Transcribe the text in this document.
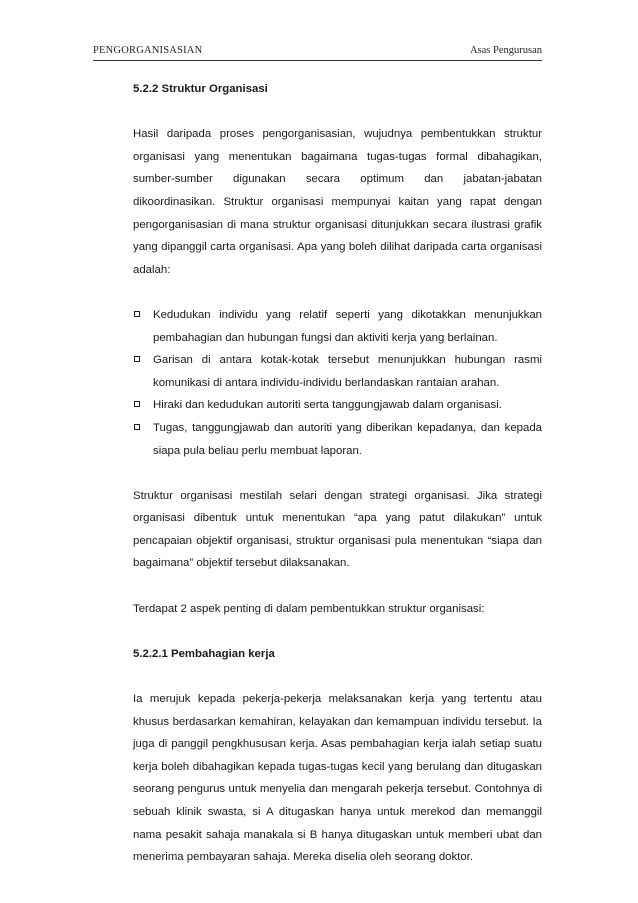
PENGORGANISASIAN	Asas Pengurusan

5.2.2 Struktur Organisasi

Hasil daripada proses pengorganisasian, wujudnya pembentukkan struktur organisasi yang menentukan bagaimana tugas-tugas formal dibahagikan, sumber-sumber digunakan secara optimum dan jabatan-jabatan dikoordinasikan. Struktur organisasi mempunyai kaitan yang rapat dengan pengorganisasian di mana struktur organisasi ditunjukkan secara ilustrasi grafik yang dipanggil carta organisasi. Apa yang boleh dilihat daripada carta organisasi adalah:

Kedudukan individu yang relatif seperti yang dikotakkan menunjukkan pembahagian dan hubungan fungsi dan aktiviti kerja yang berlainan.
Garisan di antara kotak-kotak tersebut menunjukkan hubungan rasmi komunikasi di antara individu-individu berlandaskan rantaian arahan.
Hiraki dan kedudukan autoriti serta tanggungjawab dalam organisasi.
Tugas, tanggungjawab dan autoriti yang diberikan kepadanya, dan kepada siapa pula beliau perlu membuat laporan.

Struktur organisasi mestilah selari dengan strategi organisasi. Jika strategi organisasi dibentuk untuk menentukan “apa yang patut dilakukan” untuk pencapaian objektif organisasi, struktur organisasi pula menentukan “siapa dan bagaimana” objektif tersebut dilaksanakan.

Terdapat 2 aspek penting di dalam pembentukkan struktur organisasi:

5.2.2.1 Pembahagian kerja

Ia merujuk kepada pekerja-pekerja melaksanakan kerja yang tertentu atau khusus berdasarkan kemahiran, kelayakan dan kemampuan individu tersebut. Ia juga di panggil pengkhususan kerja. Asas pembahagian kerja ialah setiap suatu kerja boleh dibahagikan kepada tugas-tugas kecil yang berulang dan ditugaskan seorang pengurus untuk menyelia dan mengarah pekerja tersebut. Contohnya di sebuah klinik swasta, si A ditugaskan hanya untuk merekod dan memanggil nama pesakit sahaja manakala si B hanya ditugaskan untuk memberi ubat dan menerima pembayaran sahaja. Mereka diselia oleh seorang doktor.
